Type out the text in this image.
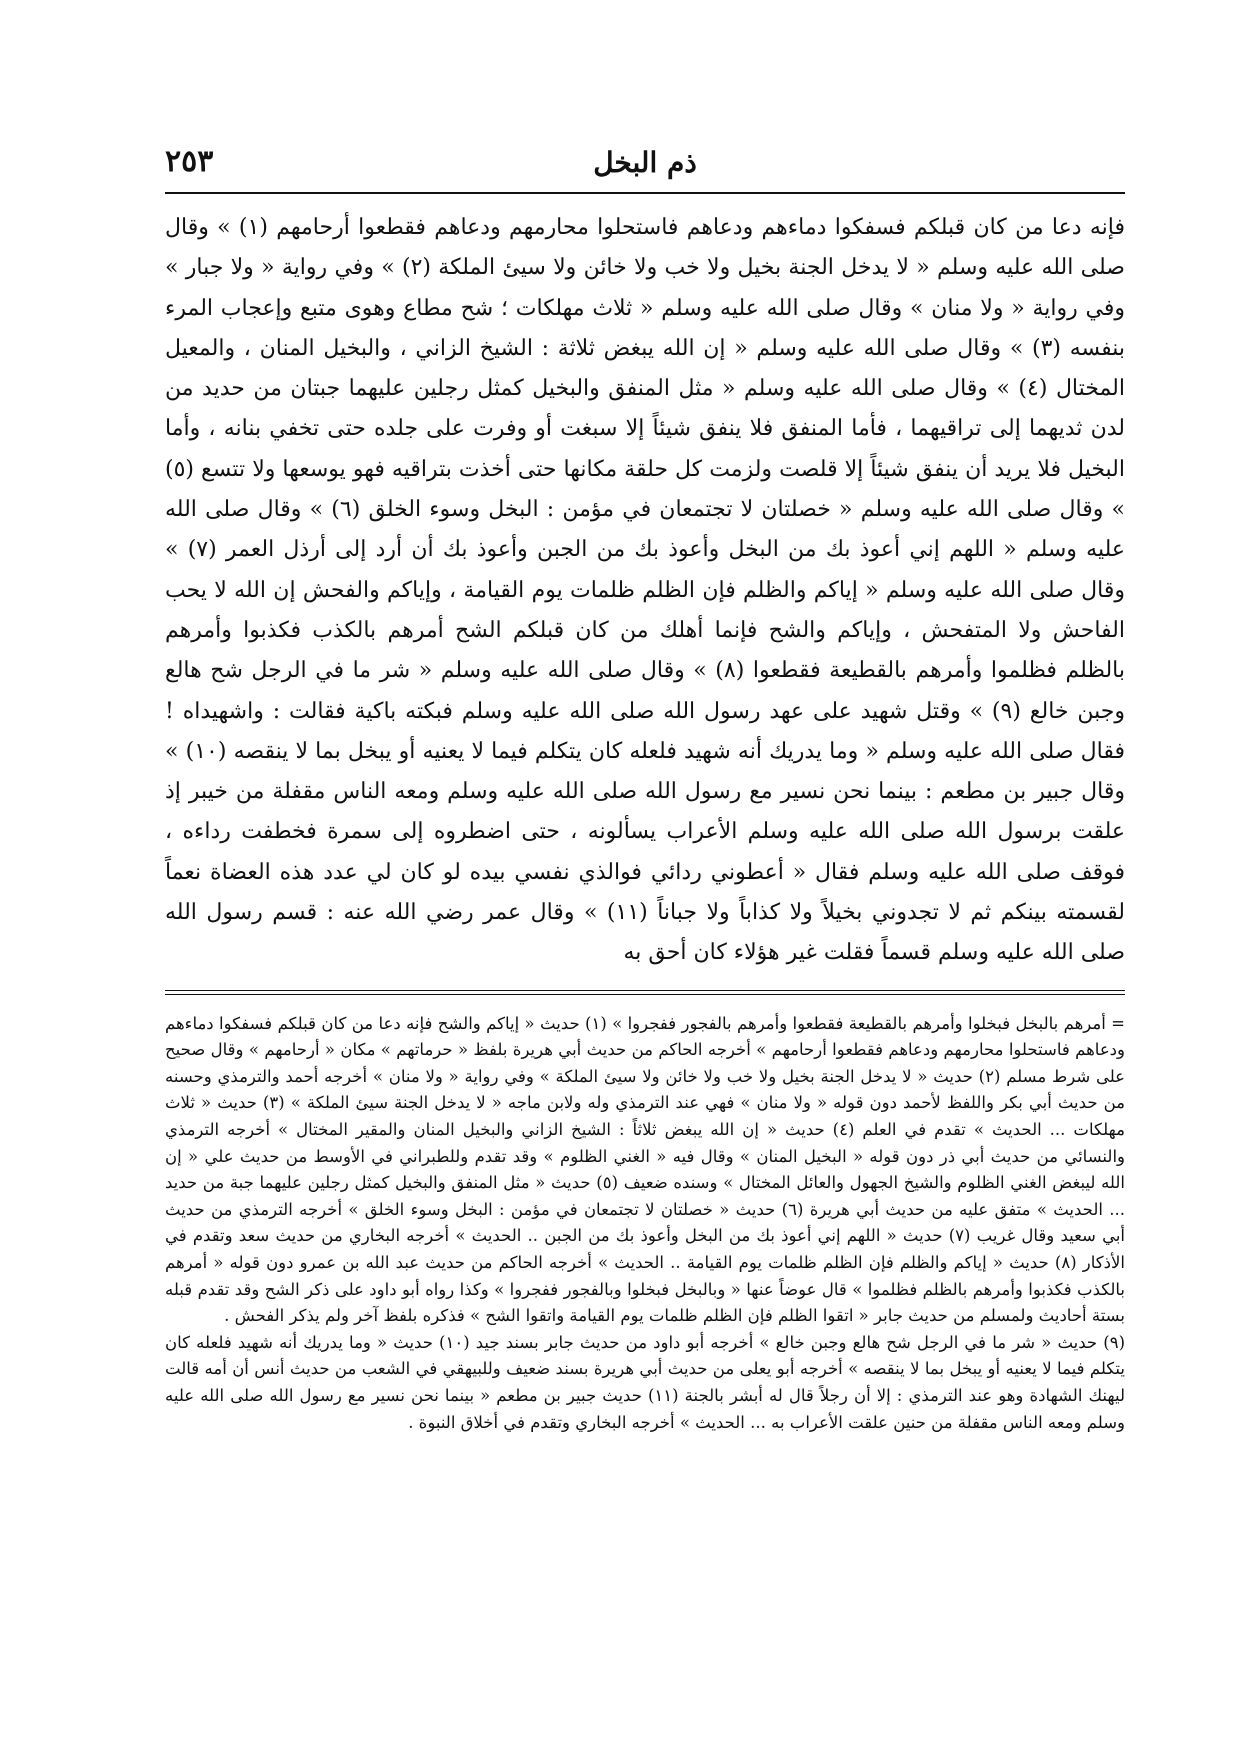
٢٥٣	ذم البخل

فإنه دعا من كان قبلكم فسفكوا دماءهم ودعاهم فاستحلوا محارمهم ودعاهم فقطعوا أرحامهم (١) » وقال صلى الله عليه وسلم « لا يدخل الجنة بخيل ولا خب ولا خائن ولا سيئ الملكة (٢) » وفي رواية « ولا جبار » وفي رواية « ولا منان » وقال صلى الله عليه وسلم « ثلاث مهلكات ؛ شح مطاع وهوى متبع وإعجاب المرء بنفسه (٣) » وقال صلى الله عليه وسلم « إن الله يبغض ثلاثة : الشيخ الزاني ، والبخيل المنان ، والمعيل المختال (٤) » وقال صلى الله عليه وسلم « مثل المنفق والبخيل كمثل رجلين عليهما جبتان من حديد من لدن ثديهما إلى تراقيهما ، فأما المنفق فلا ينفق شيئاً إلا سبغت أو وفرت على جلده حتى تخفي بنانه ، وأما البخيل فلا يريد أن ينفق شيئاً إلا قلصت ولزمت كل حلقة مكانها حتى أخذت بتراقيه فهو يوسعها ولا تتسع (٥) » وقال صلى الله عليه وسلم « خصلتان لا تجتمعان في مؤمن : البخل وسوء الخلق (٦) » وقال صلى الله عليه وسلم « اللهم إني أعوذ بك من البخل وأعوذ بك من الجبن وأعوذ بك أن أرد إلى أرذل العمر (٧) » وقال صلى الله عليه وسلم « إياكم والظلم فإن الظلم ظلمات يوم القيامة ، وإياكم والفحش إن الله لا يحب الفاحش ولا المتفحش ، وإياكم والشح فإنما أهلك من كان قبلكم الشح أمرهم بالكذب فكذبوا وأمرهم بالظلم فظلموا وأمرهم بالقطيعة فقطعوا (٨) » وقال صلى الله عليه وسلم « شر ما في الرجل شح هالع وجبن خالع (٩) » وقتل شهيد على عهد رسول الله صلى الله عليه وسلم فبكته باكية فقالت : واشهيداه ! فقال صلى الله عليه وسلم « وما يدريك أنه شهيد فلعله كان يتكلم فيما لا يعنيه أو يبخل بما لا ينقصه (١٠) » وقال جبير بن مطعم : بينما نحن نسير مع رسول الله صلى الله عليه وسلم ومعه الناس مقفلة من خيبر إذ علقت برسول الله صلى الله عليه وسلم الأعراب يسألونه ، حتى اضطروه إلى سمرة فخطفت رداءه ، فوقف صلى الله عليه وسلم فقال « أعطوني ردائي فوالذي نفسي بيده لو كان لي عدد هذه العضاة نعماً لقسمته بينكم ثم لا تجدوني بخيلاً ولا كذاباً ولا جباناً (١١) » وقال عمر رضي الله عنه : قسم رسول الله صلى الله عليه وسلم قسماً فقلت غير هؤلاء كان أحق به

= أمرهم بالبخل فبخلوا وأمرهم بالقطيعة فقطعوا وأمرهم بالفجور ففجروا » (١) حديث « إياكم والشح فإنه دعا من كان قبلكم فسفكوا دماءهم ودعاهم فاستحلوا محارمهم ودعاهم فقطعوا أرحامهم » أخرجه الحاكم من حديث أبي هريرة بلفظ « حرماتهم » مكان « أرحامهم » وقال صحيح على شرط مسلم (٢) حديث « لا يدخل الجنة بخيل ولا خب ولا خائن ولا سيئ الملكة » وفي رواية « ولا منان » أخرجه أحمد والترمذي وحسنه من حديث أبي بكر واللفظ لأحمد دون قوله « ولا منان » فهي عند الترمذي وله ولابن ماجه « لا يدخل الجنة سيئ الملكة » (٣) حديث « ثلاث مهلكات ... الحديث » تقدم في العلم (٤) حديث « إن الله يبغض ثلاثاً : الشيخ الزاني والبخيل المنان والمقير المختال » أخرجه الترمذي والنسائي من حديث أبي ذر دون قوله « البخيل المنان » وقال فيه « الغني الظلوم » وقد تقدم وللطبراني في الأوسط من حديث علي « إن الله ليبغض الغني الظلوم والشيخ الجهول والعائل المختال » وسنده ضعيف (٥) حديث « مثل المنفق والبخيل كمثل رجلين عليهما جبة من حديد ... الحديث » متفق عليه من حديث أبي هريرة (٦) حديث « خصلتان لا تجتمعان في مؤمن : البخل وسوء الخلق » أخرجه الترمذي من حديث أبي سعيد وقال غريب (٧) حديث « اللهم إني أعوذ بك من البخل وأعوذ بك من الجبن .. الحديث » أخرجه البخاري من حديث سعد وتقدم في الأذكار (٨) حديث « إياكم والظلم فإن الظلم ظلمات يوم القيامة .. الحديث » أخرجه الحاكم من حديث عبد الله بن عمرو دون قوله « أمرهم بالكذب فكذبوا وأمرهم بالظلم فظلموا » قال عوضاً عنها « وبالبخل فبخلوا وبالفجور ففجروا » وكذا رواه أبو داود على ذكر الشح وقد تقدم قبله بستة أحاديث ولمسلم من حديث جابر « اتقوا الظلم فإن الظلم ظلمات يوم القيامة واتقوا الشح » فذكره بلفظ آخر ولم يذكر الفحش .

(٩) حديث « شر ما في الرجل شح هالع وجبن خالع » أخرجه أبو داود من حديث جابر بسند جيد (١٠) حديث « وما يدريك أنه شهيد فلعله كان يتكلم فيما لا يعنيه أو يبخل بما لا ينقصه » أخرجه أبو يعلى من حديث أبي هريرة بسند ضعيف وللبيهقي في الشعب من حديث أنس أن أمه قالت ليهنك الشهادة وهو عند الترمذي : إلا أن رجلاً قال له أبشر بالجنة (١١) حديث جبير بن مطعم « بينما نحن نسير مع رسول الله صلى الله عليه وسلم ومعه الناس مقفلة من حنين علقت الأعراب به ... الحديث » أخرجه البخاري وتقدم في أخلاق النبوة .
